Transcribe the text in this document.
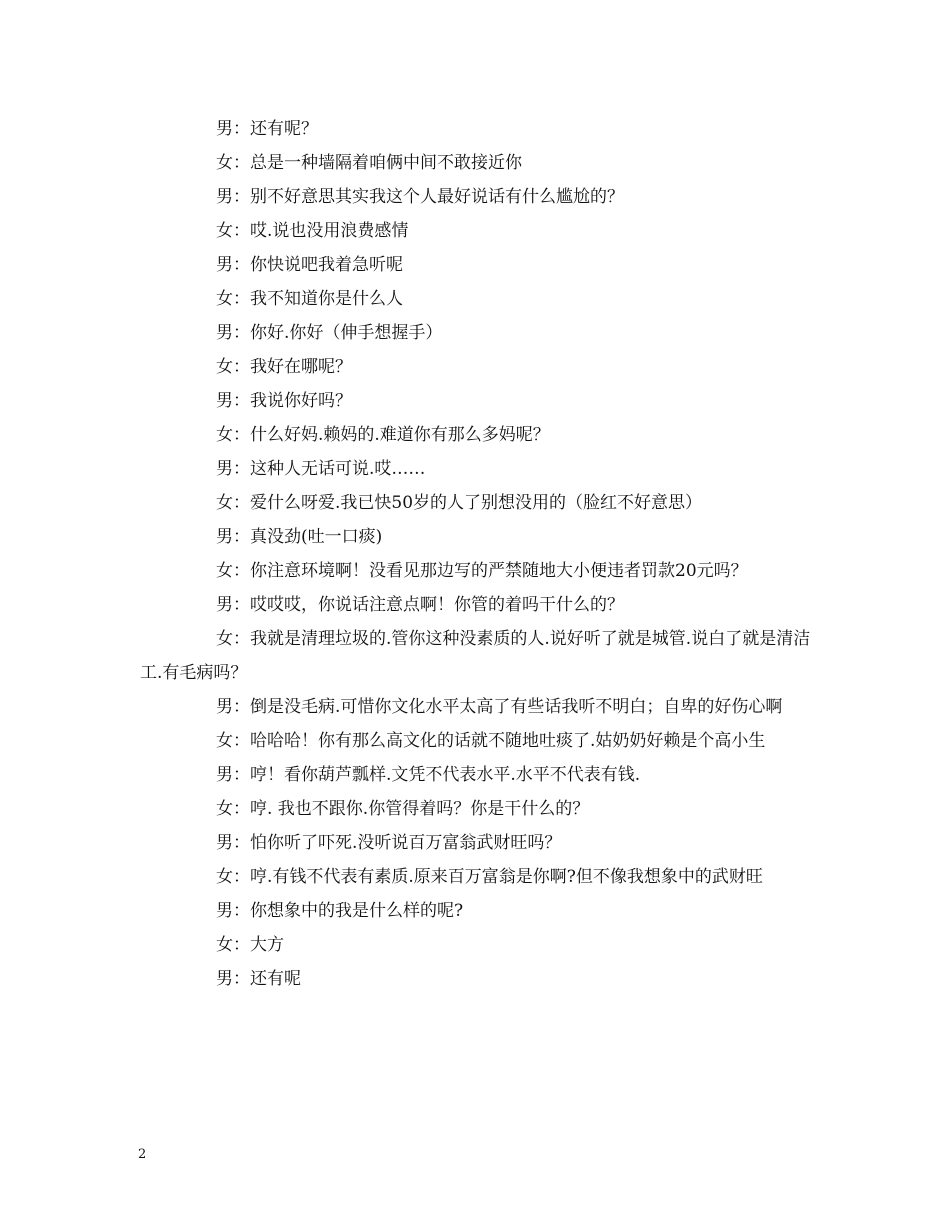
男：还有呢？

女：总是一种墙隔着咱俩中间不敢接近你

男：别不好意思其实我这个人最好说话有什么尴尬的？

女：哎.说也没用浪费感情

男：你快说吧我着急听呢

女：我不知道你是什么人

男：你好.你好（伸手想握手）

女：我好在哪呢？

男：我说你好吗？

女：什么好妈.赖妈的.难道你有那么多妈呢？

男：这种人无话可说.哎……

女：爱什么呀爱.我已快50岁的人了别想没用的（脸红不好意思）

男：真没劲(吐一口痰)

女：你注意环境啊！没看见那边写的严禁随地大小便违者罚款20元吗？

男：哎哎哎，你说话注意点啊！你管的着吗干什么的？

女：我就是清理垃圾的.管你这种没素质的人.说好听了就是城管.说白了就是清洁工.有毛病吗？

男：倒是没毛病.可惜你文化水平太高了有些话我听不明白；自卑的好伤心啊

女：哈哈哈！你有那么高文化的话就不随地吐痰了.姑奶奶好赖是个高小生

男：哼！看你葫芦瓢样.文凭不代表水平.水平不代表有钱.

女：哼. 我也不跟你.你管得着吗？你是干什么的？

男：怕你听了吓死.没听说百万富翁武财旺吗？

女：哼.有钱不代表有素质.原来百万富翁是你啊?但不像我想象中的武财旺

男：你想象中的我是什么样的呢?

女：大方

男：还有呢

2
